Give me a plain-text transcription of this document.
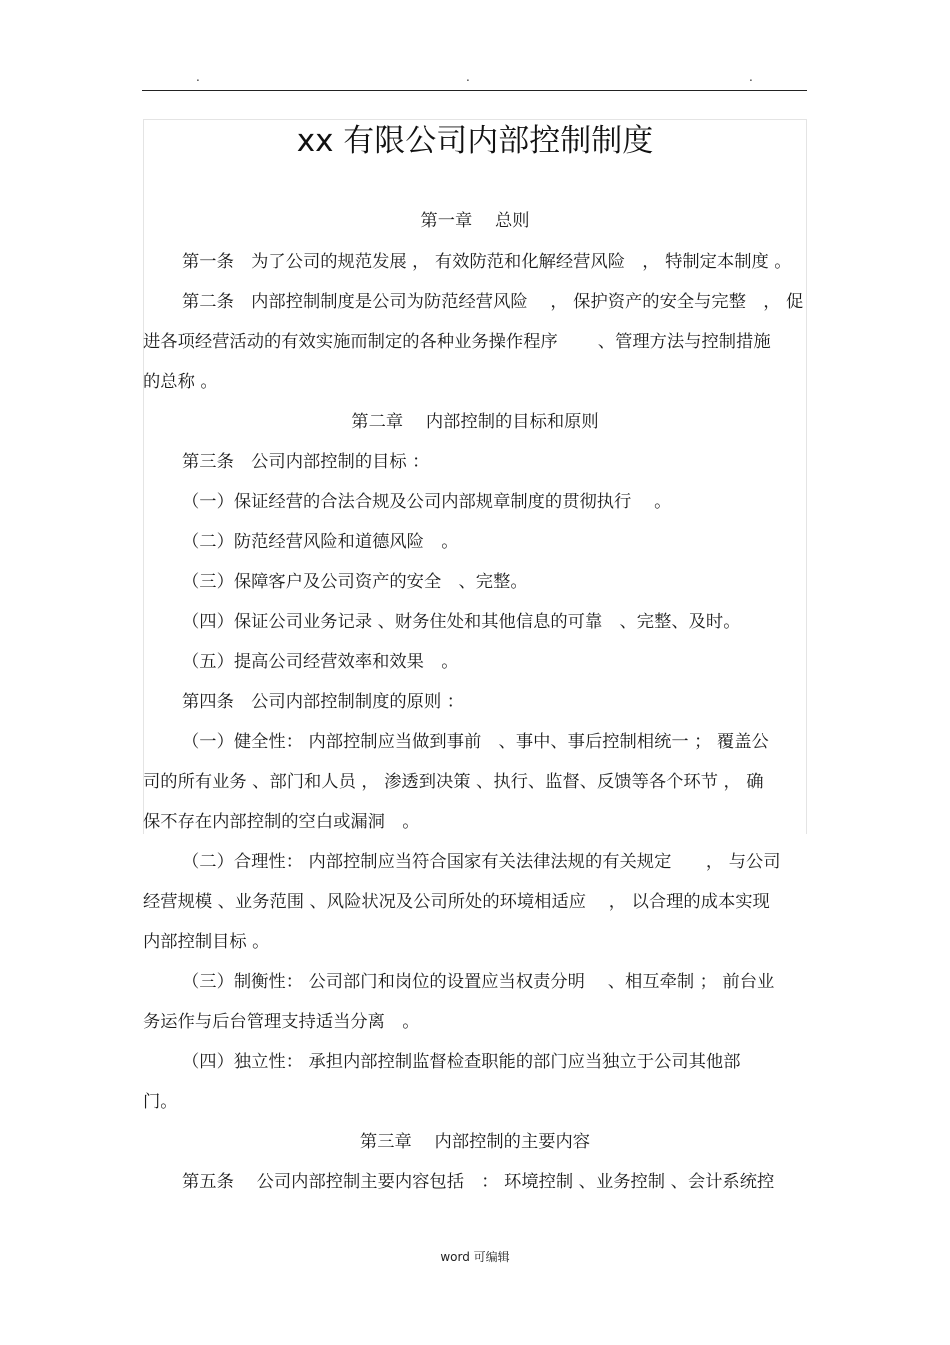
.	.	.
xx 有限公司内部控制制度
第一章　 总则
第一条　为了公司的规范发展 ， 有效防范和化解经营风险　， 特制定本制度 。
第二条　内部控制制度是公司为防范经营风险　 ， 保护资产的安全与完整　， 促
进各项经营活动的有效实施而制定的各种业务操作程序　　 、管理方法与控制措施
的总称 。
第二章　 内部控制的目标和原则
第三条　公司内部控制的目标 ：
（一）保证经营的合法合规及公司内部规章制度的贯彻执行　 。
（二）防范经营风险和道德风险　。
（三）保障客户及公司资产的安全　、完整。
（四）保证公司业务记录 、财务住处和其他信息的可靠　、完整、及时。
（五）提高公司经营效率和效果　。
第四条　公司内部控制制度的原则 ：
（一）健全性： 内部控制应当做到事前　、事中、事后控制相统一 ； 覆盖公
司的所有业务 、部门和人员 ， 渗透到决策 、执行、监督、反馈等各个环节 ， 确
保不存在内部控制的空白或漏洞　。
（二）合理性： 内部控制应当符合国家有关法律法规的有关规定　　， 与公司
经营规模 、业务范围 、风险状况及公司所处的环境相适应　 ， 以合理的成本实现
内部控制目标 。
（三）制衡性： 公司部门和岗位的设置应当权责分明　 、相互牵制 ； 前台业
务运作与后台管理支持适当分离　。
（四）独立性： 承担内部控制监督检查职能的部门应当独立于公司其他部
门。
第三章　 内部控制的主要内容
第五条　 公司内部控制主要内容包括　： 环境控制 、业务控制 、会计系统控
word 可编辑
